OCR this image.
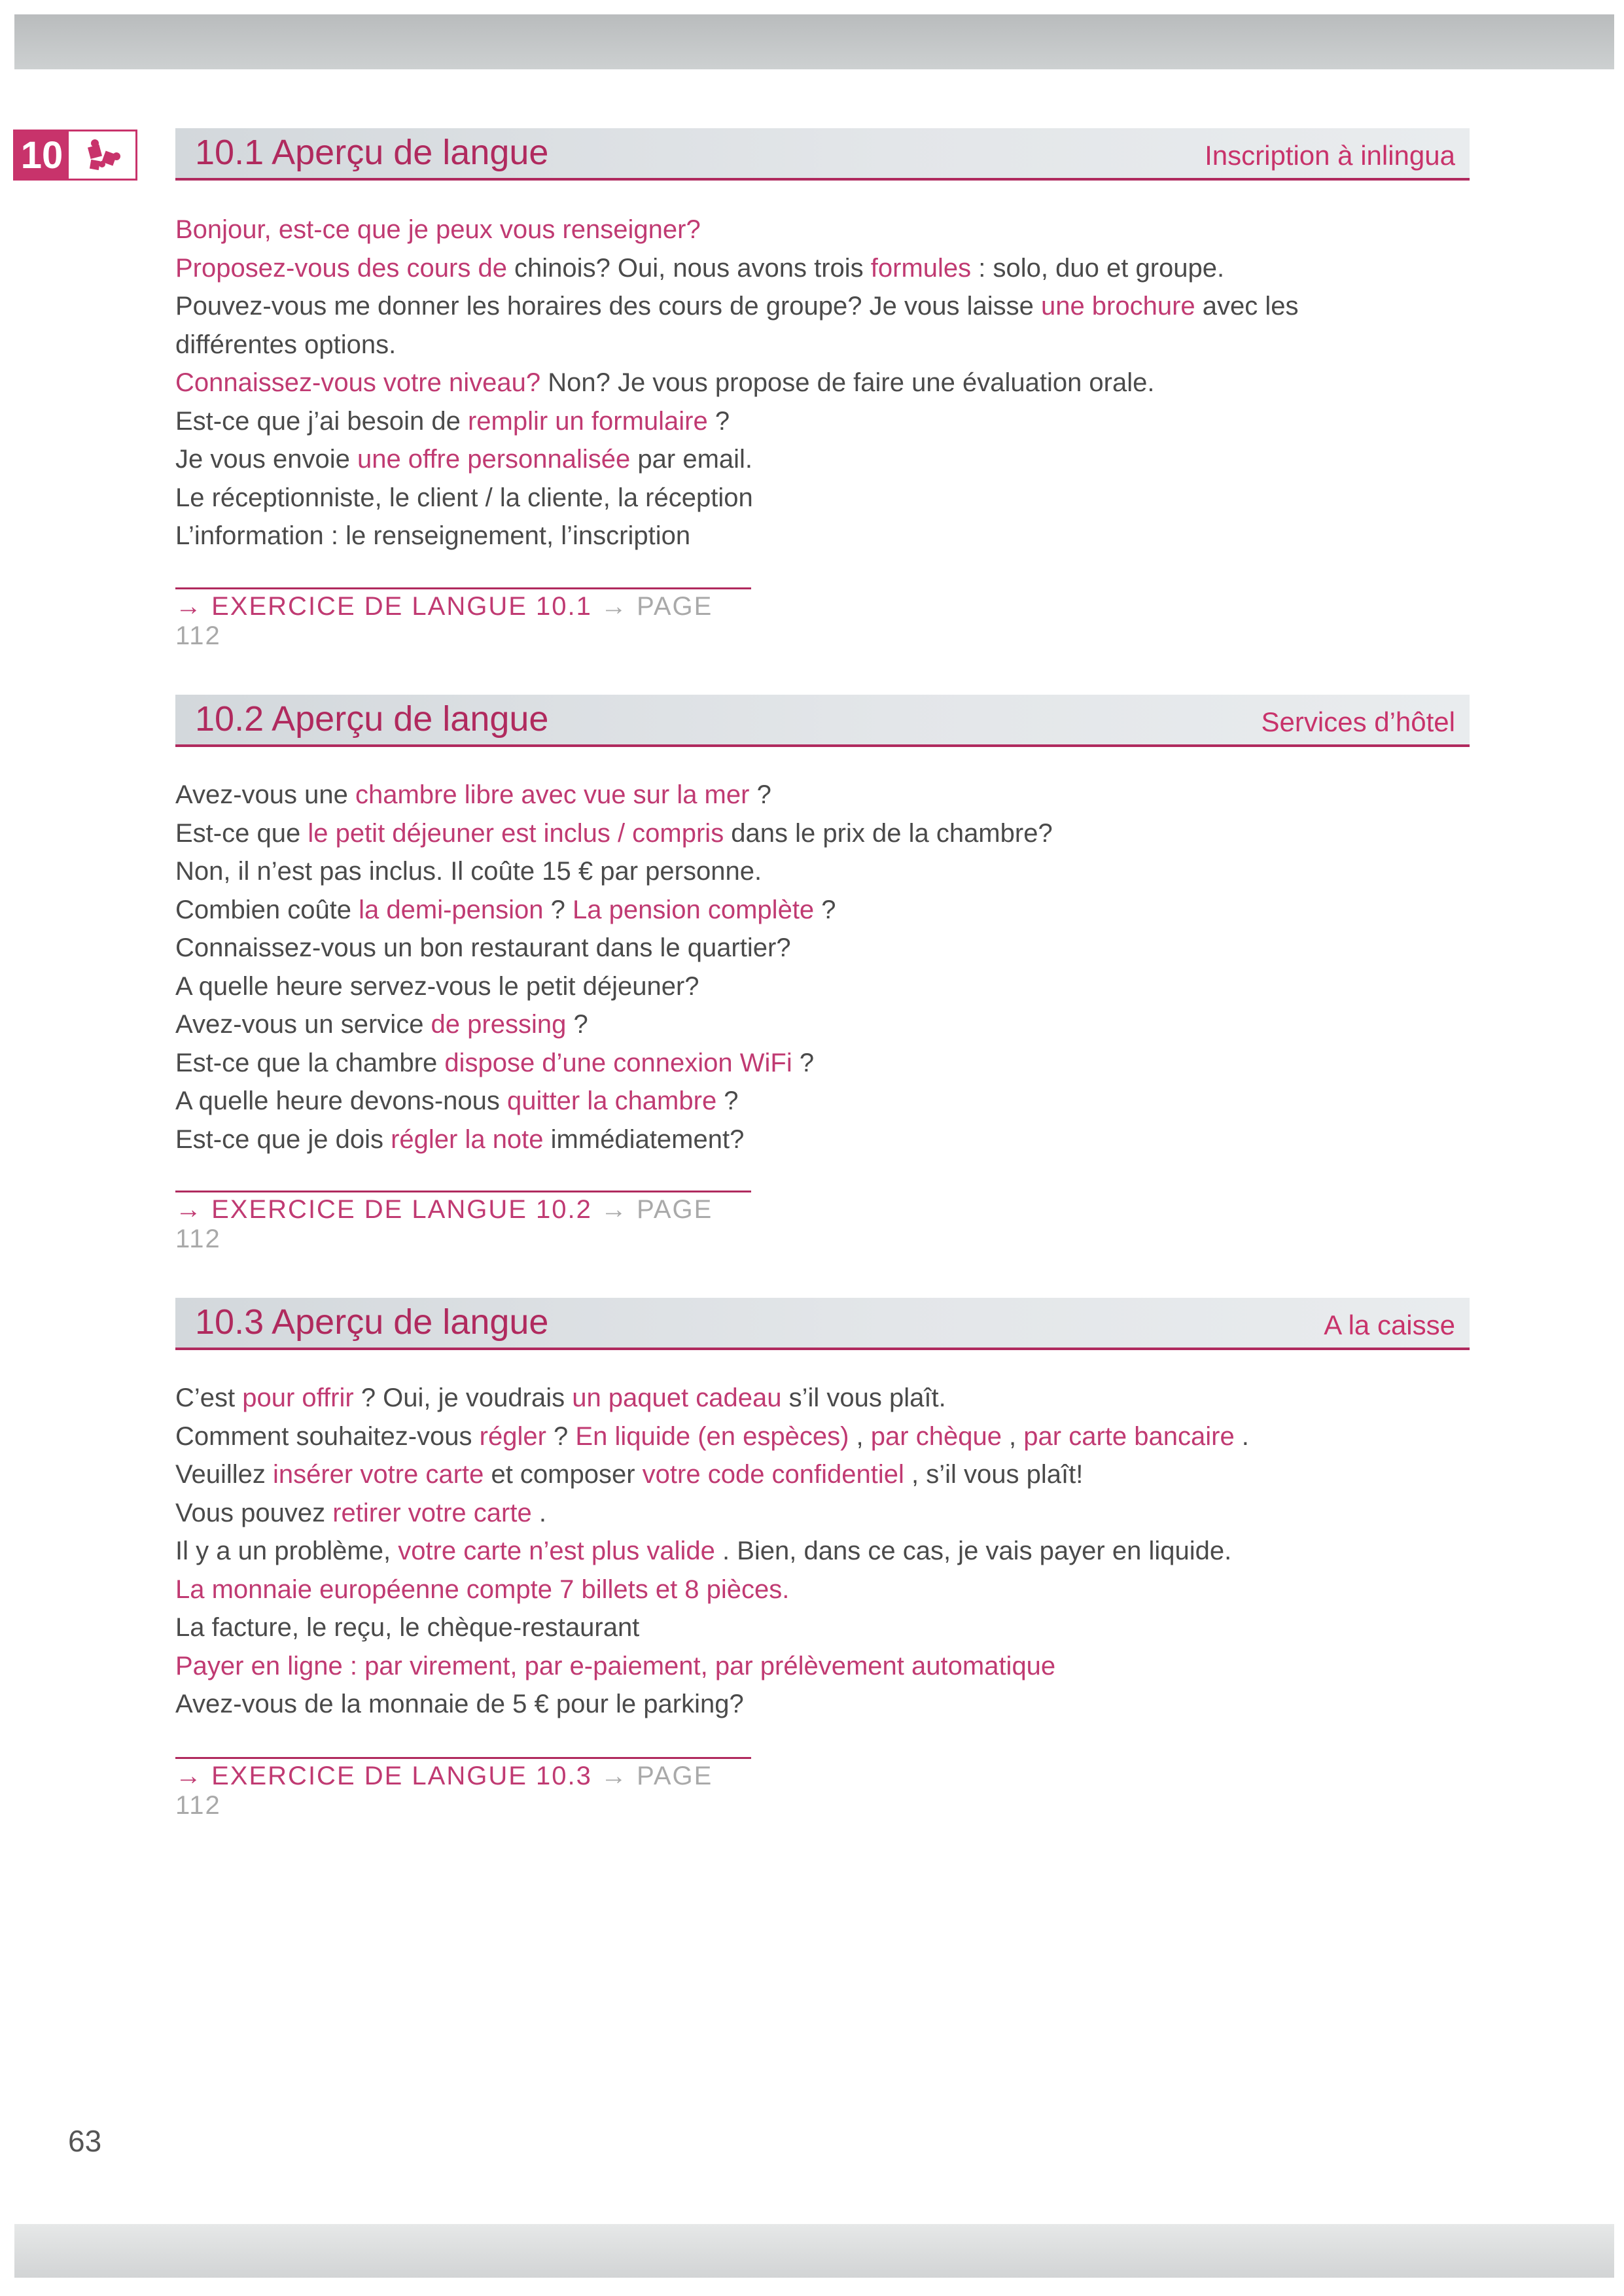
10	10.1 Aperçu de langue	Inscription à inlingua
Bonjour, est-ce que je peux vous renseigner?
Proposez-vous des cours de chinois? Oui, nous avons trois formules : solo, duo et groupe.
Pouvez-vous me donner les horaires des cours de groupe? Je vous laisse une brochure avec les différentes options.
Connaissez-vous votre niveau? Non? Je vous propose de faire une évaluation orale.
Est-ce que j’ai besoin de remplir un formulaire ?
Je vous envoie une offre personnalisée par email.
Le réceptionniste, le client / la cliente, la réception
L’information : le renseignement, l’inscription
→ EXERCICE DE LANGUE 10.1 → PAGE 112
10.2 Aperçu de langue	Services d’hôtel
Avez-vous une chambre libre avec vue sur la mer ?
Est-ce que le petit déjeuner est inclus / compris dans le prix de la chambre?
Non, il n’est pas inclus. Il coûte 15 € par personne.
Combien coûte la demi-pension ? La pension complète ?
Connaissez-vous un bon restaurant dans le quartier?
A quelle heure servez-vous le petit déjeuner?
Avez-vous un service de pressing ?
Est-ce que la chambre dispose d’une connexion WiFi ?
A quelle heure devons-nous quitter la chambre ?
Est-ce que je dois régler la note immédiatement?
→ EXERCICE DE LANGUE 10.2 → PAGE 112
10.3 Aperçu de langue	A la caisse
C’est pour offrir ? Oui, je voudrais un paquet cadeau s’il vous plaît.
Comment souhaitez-vous régler ? En liquide (en espèces) , par chèque , par carte bancaire .
Veuillez insérer votre carte et composer votre code confidentiel , s’il vous plaît!
Vous pouvez retirer votre carte .
Il y a un problème, votre carte n’est plus valide . Bien, dans ce cas, je vais payer en liquide.
La monnaie européenne compte 7 billets et 8 pièces.
La facture, le reçu, le chèque-restaurant
Payer en ligne : par virement, par e-paiement, par prélèvement automatique
Avez-vous de la monnaie de 5 € pour le parking?
→ EXERCICE DE LANGUE 10.3 → PAGE 112
63
